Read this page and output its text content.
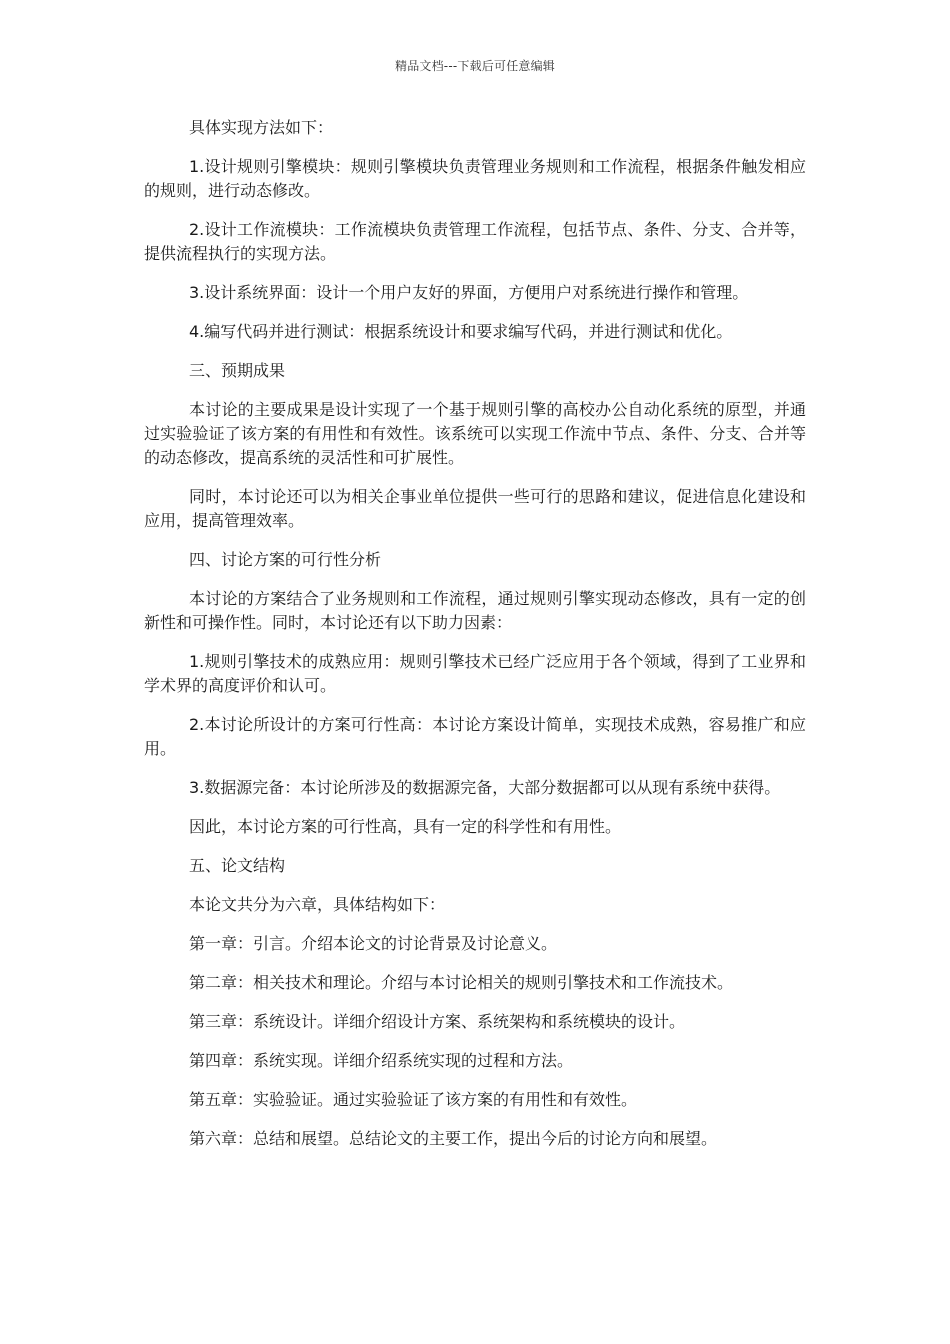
精品文档---下载后可任意编辑

具体实现方法如下：

1.设计规则引擎模块：规则引擎模块负责管理业务规则和工作流程，根据条件触发相应的规则，进行动态修改。

2.设计工作流模块：工作流模块负责管理工作流程，包括节点、条件、分支、合并等，提供流程执行的实现方法。

3.设计系统界面：设计一个用户友好的界面，方便用户对系统进行操作和管理。

4.编写代码并进行测试：根据系统设计和要求编写代码，并进行测试和优化。

三、预期成果

本讨论的主要成果是设计实现了一个基于规则引擎的高校办公自动化系统的原型，并通过实验验证了该方案的有用性和有效性。该系统可以实现工作流中节点、条件、分支、合并等的动态修改，提高系统的灵活性和可扩展性。

同时，本讨论还可以为相关企事业单位提供一些可行的思路和建议，促进信息化建设和应用，提高管理效率。

四、讨论方案的可行性分析

本讨论的方案结合了业务规则和工作流程，通过规则引擎实现动态修改，具有一定的创新性和可操作性。同时，本讨论还有以下助力因素：

1.规则引擎技术的成熟应用：规则引擎技术已经广泛应用于各个领域，得到了工业界和学术界的高度评价和认可。

2.本讨论所设计的方案可行性高：本讨论方案设计简单，实现技术成熟，容易推广和应用。

3.数据源完备：本讨论所涉及的数据源完备，大部分数据都可以从现有系统中获得。

因此，本讨论方案的可行性高，具有一定的科学性和有用性。

五、论文结构

本论文共分为六章，具体结构如下：

第一章：引言。介绍本论文的讨论背景及讨论意义。

第二章：相关技术和理论。介绍与本讨论相关的规则引擎技术和工作流技术。

第三章：系统设计。详细介绍设计方案、系统架构和系统模块的设计。

第四章：系统实现。详细介绍系统实现的过程和方法。

第五章：实验验证。通过实验验证了该方案的有用性和有效性。

第六章：总结和展望。总结论文的主要工作，提出今后的讨论方向和展望。
